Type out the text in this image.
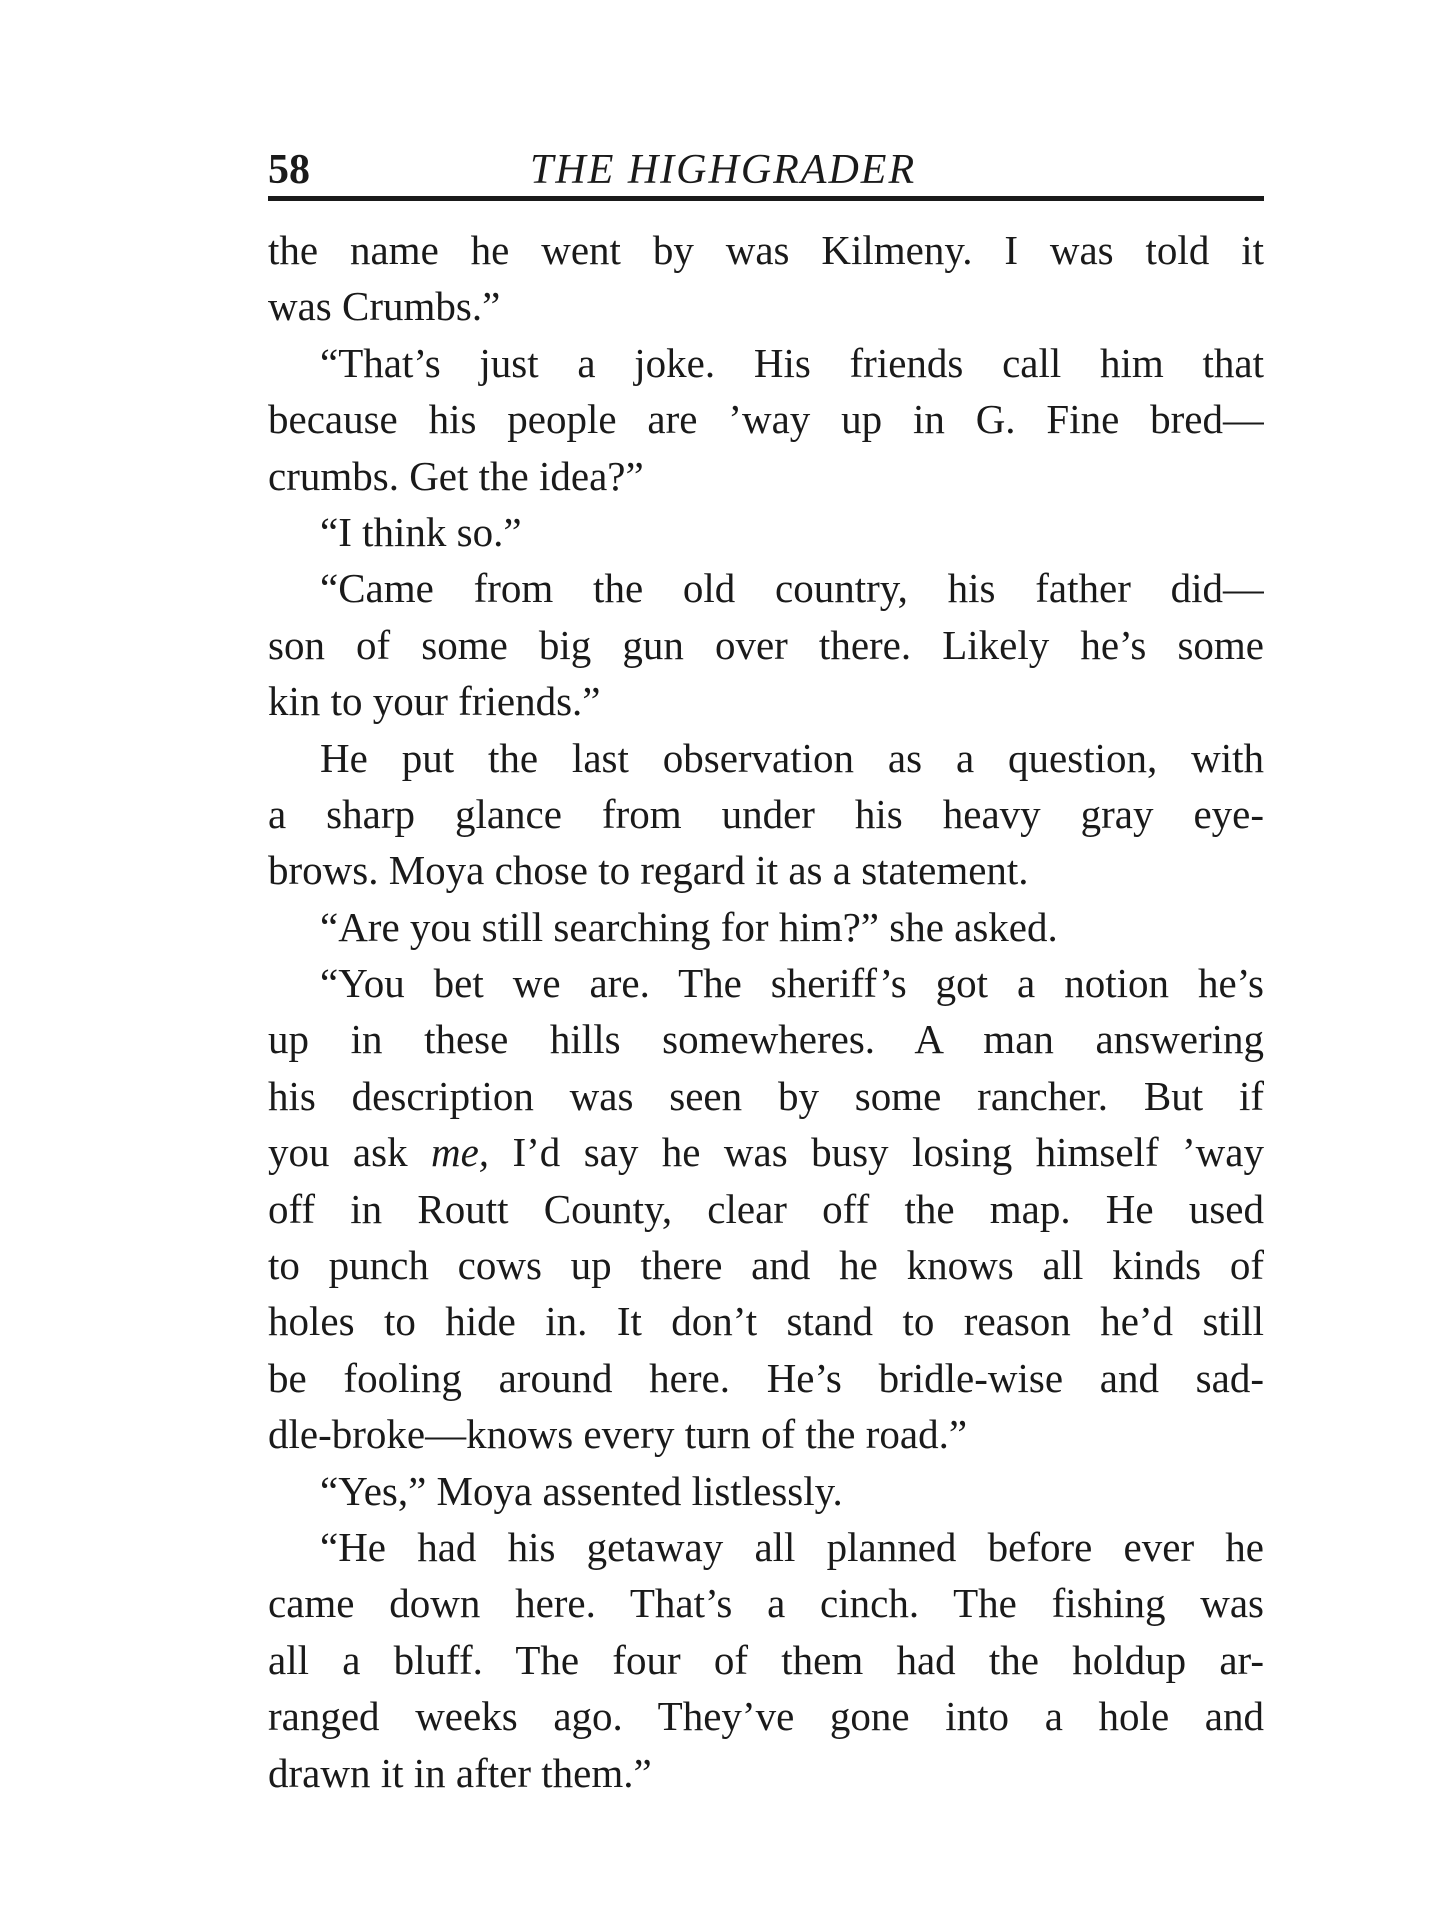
58	THE HIGHGRADER
the name he went by was Kilmeny. I was told it
was Crumbs.”
“That’s just a joke. His friends call him that
because his people are ’way up in G. Fine bred—
crumbs. Get the idea?”
“I think so.”
“Came from the old country, his father did—
son of some big gun over there. Likely he’s some
kin to your friends.”
He put the last observation as a question, with
a sharp glance from under his heavy gray eye-
brows. Moya chose to regard it as a statement.
“Are you still searching for him?” she asked.
“You bet we are. The sheriff’s got a notion he’s
up in these hills somewheres. A man answering
his description was seen by some rancher. But if
you ask me, I’d say he was busy losing himself ’way
off in Routt County, clear off the map. He used
to punch cows up there and he knows all kinds of
holes to hide in. It don’t stand to reason he’d still
be fooling around here. He’s bridle-wise and sad-
dle-broke—knows every turn of the road.”
“Yes,” Moya assented listlessly.
“He had his getaway all planned before ever he
came down here. That’s a cinch. The fishing was
all a bluff. The four of them had the holdup ar-
ranged weeks ago. They’ve gone into a hole and
drawn it in after them.”
